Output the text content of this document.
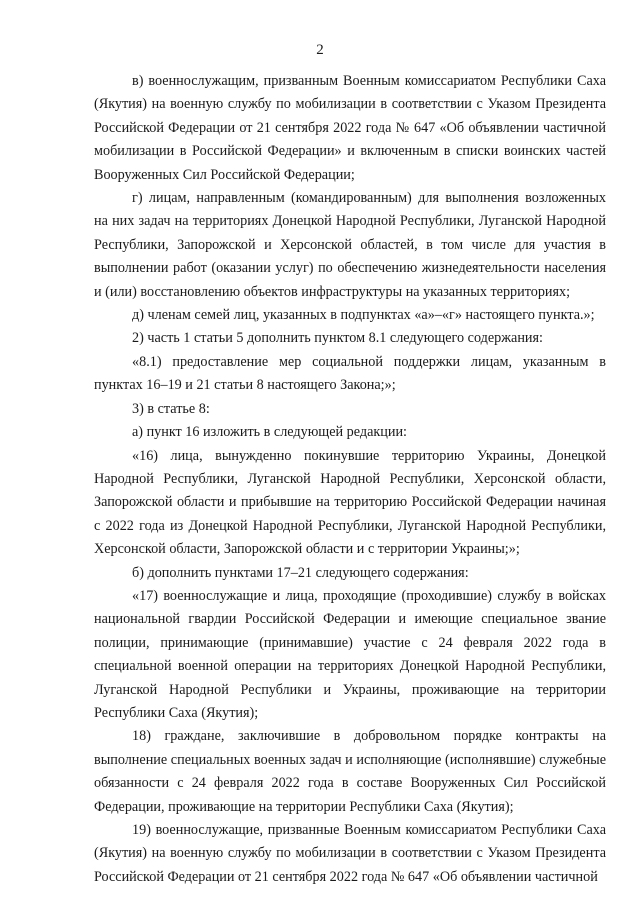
2

в) военнослужащим, призванным Военным комиссариатом Республики Саха (Якутия) на военную службу по мобилизации в соответствии с Указом Президента Российской Федерации от 21 сентября 2022 года № 647 «Об объявлении частичной мобилизации в Российской Федерации» и включенным в списки воинских частей Вооруженных Сил Российской Федерации;

г) лицам, направленным (командированным) для выполнения возложенных на них задач на территориях Донецкой Народной Республики, Луганской Народной Республики, Запорожской и Херсонской областей, в том числе для участия в выполнении работ (оказании услуг) по обеспечению жизнедеятельности населения и (или) восстановлению объектов инфраструктуры на указанных территориях;

д) членам семей лиц, указанных в подпунктах «а»–«г» настоящего пункта.»;

2) часть 1 статьи 5 дополнить пунктом 8.1 следующего содержания:

«8.1) предоставление мер социальной поддержки лицам, указанным в пунктах 16–19 и 21 статьи 8 настоящего Закона;»;

3) в статье 8:

а) пункт 16 изложить в следующей редакции:

«16) лица, вынужденно покинувшие территорию Украины, Донецкой Народной Республики, Луганской Народной Республики, Херсонской области, Запорожской области и прибывшие на территорию Российской Федерации начиная с 2022 года из Донецкой Народной Республики, Луганской Народной Республики, Херсонской области, Запорожской области и с территории Украины;»;

б) дополнить пунктами 17–21 следующего содержания:

«17) военнослужащие и лица, проходящие (проходившие) службу в войсках национальной гвардии Российской Федерации и имеющие специальное звание полиции, принимающие (принимавшие) участие с 24 февраля 2022 года в специальной военной операции на территориях Донецкой Народной Республики, Луганской Народной Республики и Украины, проживающие на территории Республики Саха (Якутия);

18) граждане, заключившие в добровольном порядке контракты на выполнение специальных военных задач и исполняющие (исполнявшие) служебные обязанности с 24 февраля 2022 года в составе Вооруженных Сил Российской Федерации, проживающие на территории Республики Саха (Якутия);

19) военнослужащие, призванные Военным комиссариатом Республики Саха (Якутия) на военную службу по мобилизации в соответствии с Указом Президента Российской Федерации от 21 сентября 2022 года № 647 «Об объявлении частичной
